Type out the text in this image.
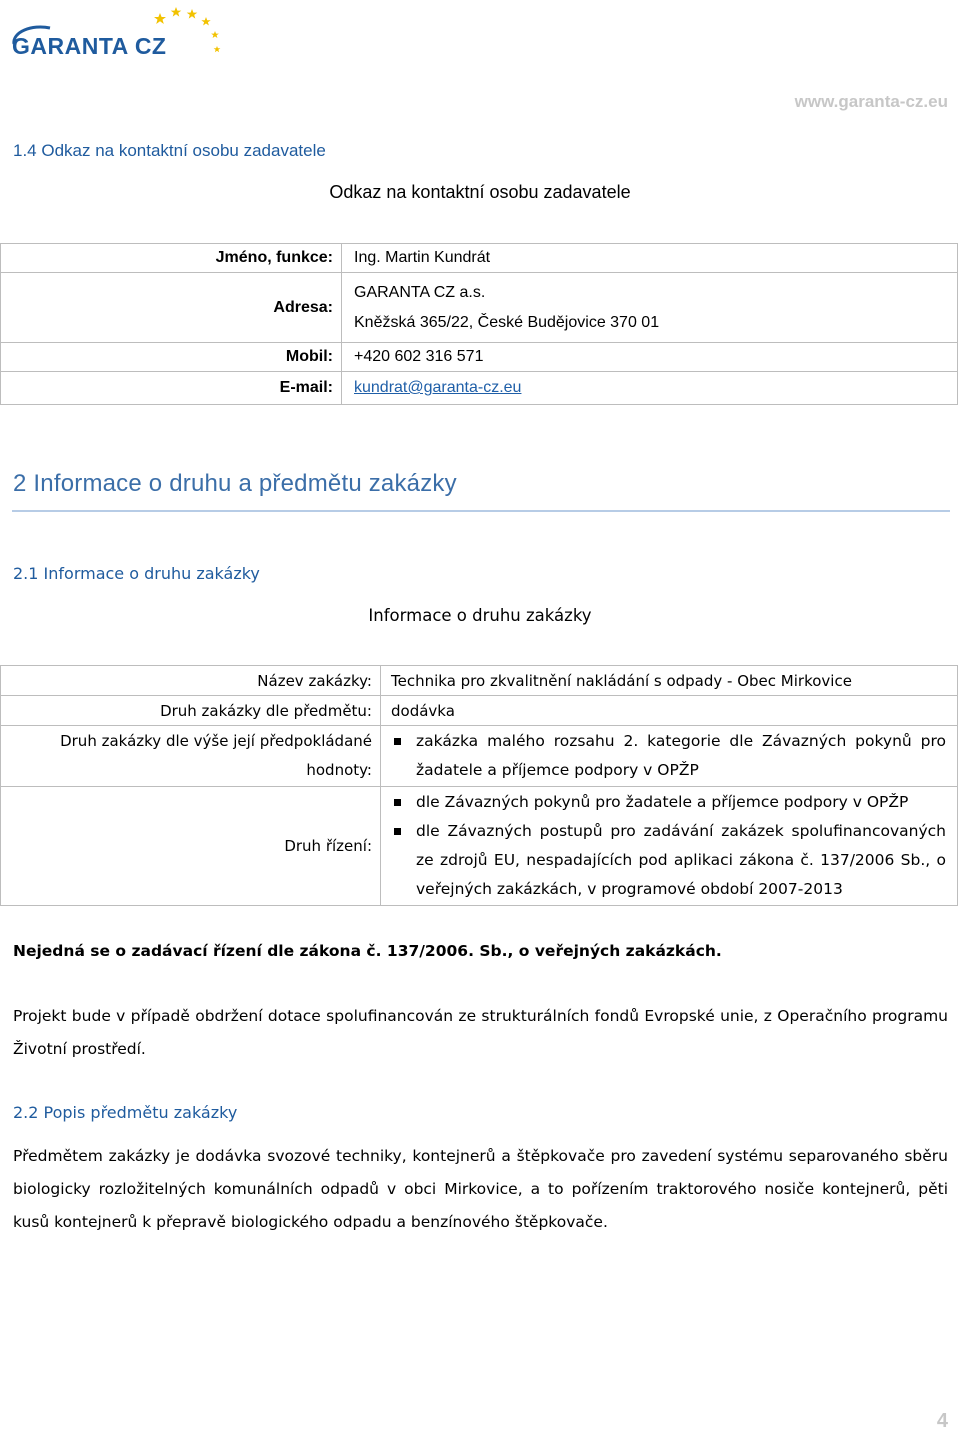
GARANTA CZ
www.garanta-cz.eu
1.4 Odkaz na kontaktní osobu zadavatele
Odkaz na kontaktní osobu zadavatele
Jméno, funkce:	Ing. Martin Kundrát
Adresa:	GARANTA CZ a.s.
Kněžská 365/22, České Budějovice 370 01

Mobil:	+420 602 316 571
E-mail:	kundrat@garanta-cz.eu
2 Informace o druhu a předmětu zakázky
2.1 Informace o druhu zakázky
Informace o druhu zakázky
Název zakázky:	Technika pro zkvalitnění nakládání s odpady - Obec Mirkovice
Druh zakázky dle předmětu:	dodávka

Druh zakázky dle výše její předpokládané
hodnoty:	zakázka malého rozsahu 2. kategorie dle Závazných pokynů pro žadatele a příjemce podpory v OPŽP

Druh řízení:	dle Závazných pokynů pro žadatele a příjemce podpory v OPŽP
dle Závazných postupů pro zadávání zakázek spolufinancovaných ze zdrojů EU, nespadajících pod aplikaci zákona č. 137/2006 Sb., o veřejných zakázkách, v programové období 2007-2013
Nejedná se o zadávací řízení dle zákona č. 137/2006. Sb., o veřejných zakázkách.
Projekt bude v případě obdržení dotace spolufinancován ze strukturálních fondů Evropské unie, z Operačního programu Životní prostředí.
2.2 Popis předmětu zakázky
Předmětem zakázky je dodávka svozové techniky, kontejnerů a štěpkovače pro zavedení systému separovaného sběru biologicky rozložitelných komunálních odpadů v obci Mirkovice, a to pořízením traktorového nosiče kontejnerů, pěti kusů kontejnerů k přepravě biologického odpadu a benzínového štěpkovače.
4
